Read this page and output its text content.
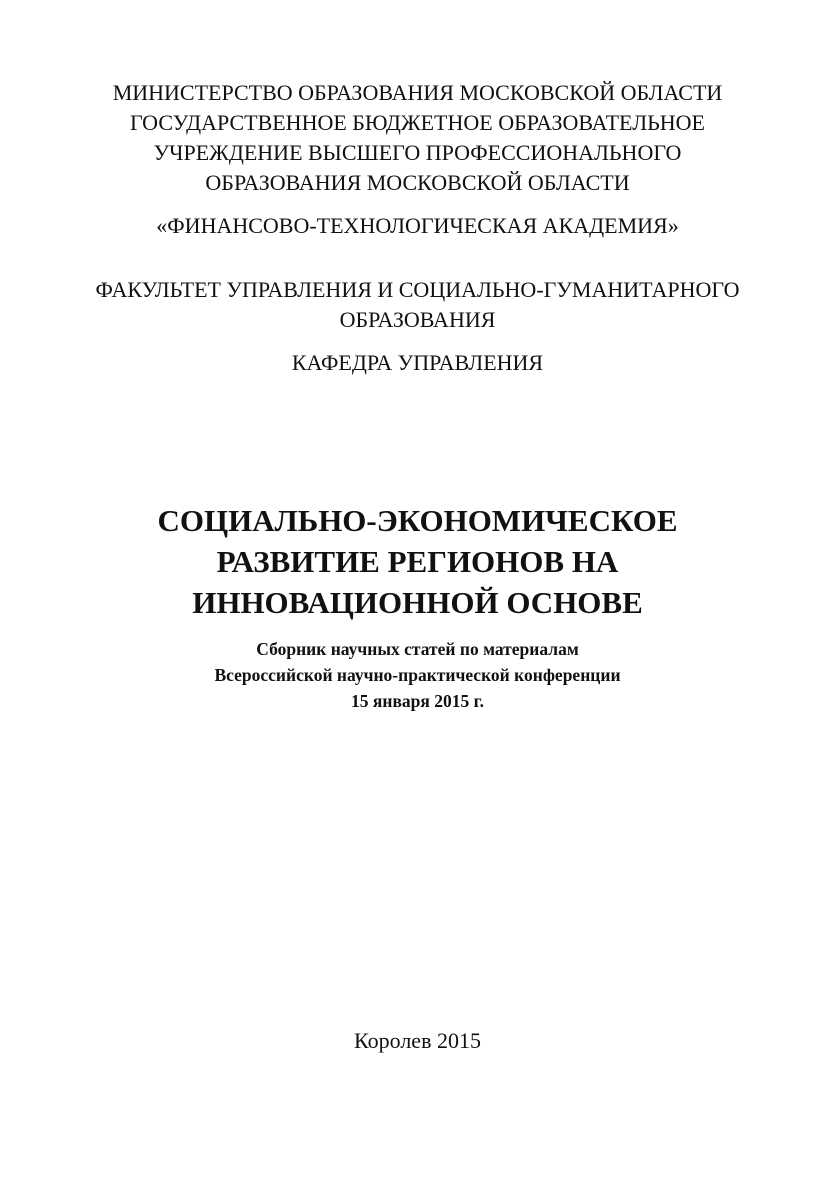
МИНИСТЕРСТВО ОБРАЗОВАНИЯ МОСКОВСКОЙ ОБЛАСТИ
ГОСУДАРСТВЕННОЕ БЮДЖЕТНОЕ ОБРАЗОВАТЕЛЬНОЕ
УЧРЕЖДЕНИЕ ВЫСШЕГО ПРОФЕССИОНАЛЬНОГО
ОБРАЗОВАНИЯ МОСКОВСКОЙ ОБЛАСТИ
«ФИНАНСОВО-ТЕХНОЛОГИЧЕСКАЯ АКАДЕМИЯ»
ФАКУЛЬТЕТ УПРАВЛЕНИЯ И СОЦИАЛЬНО-ГУМАНИТАРНОГО
ОБРАЗОВАНИЯ
КАФЕДРА УПРАВЛЕНИЯ
СОЦИАЛЬНО-ЭКОНОМИЧЕСКОЕ
РАЗВИТИЕ РЕГИОНОВ НА
ИННОВАЦИОННОЙ ОСНОВЕ
Сборник научных статей по материалам
Всероссийской научно-практической конференции
15 января 2015 г.
Королев 2015
